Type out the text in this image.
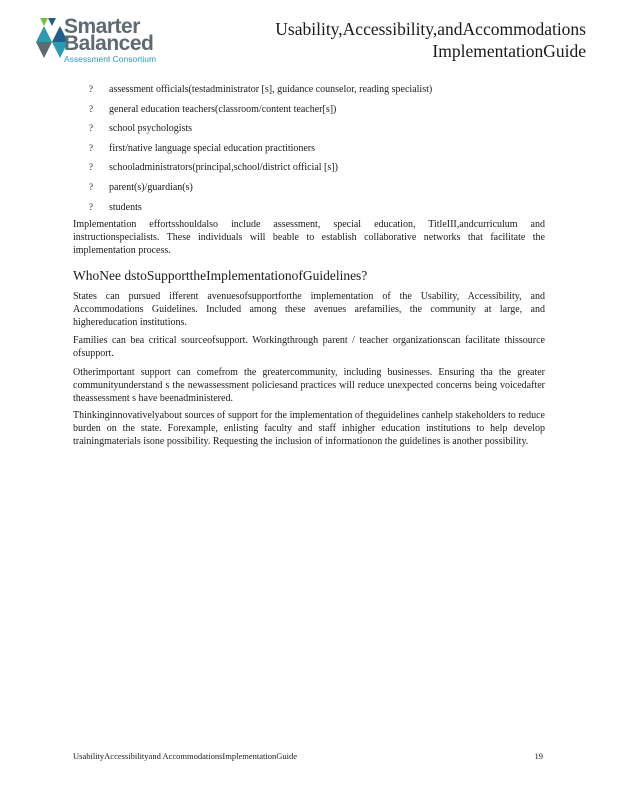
Smarter
Balanced
Assessment Consortium
Usability,Accessibility,andAccommodations
ImplementationGuide
? assessment officials(testadministrator [s], guidance counselor, reading specialist)
? general education teachers(classroom/content teacher[s])
? school psychologists
? first/native language special education practitioners
? schooladministrators(principal,school/district official [s])
? parent(s)/guardian(s)
? students

Implementation effortsshouldalso include assessment, special education, TitleIII,andcurriculum and instructionspecialists. These individuals will beable to establish collaborative networks that facilitate the implementation process.

WhoNee dstoSupporttheImplementationofGuidelines?

States can pursued ifferent avenuesofsupportforthe implementation of the Usability, Accessibility, and Accommodations Guidelines. Included among these avenues arefamilies, the community at large, and highereducation institutions.

Families can bea critical sourceofsupport. Workingthrough parent / teacher organizationscan facilitate thissource ofsupport.

Otherimportant support can comefrom the greatercommunity, including businesses. Ensuring tha the greater communityunderstand s the newassessment policiesand practices will reduce unexpected concerns being voicedafter theassessment s have beenadministered.

Thinkinginnovativelyabout sources of support for the implementation of theguidelines canhelp stakeholders to reduce burden on the state. Forexample, enlisting faculty and staff inhigher education institutions to help develop trainingmaterials isone possibility. Requesting the inclusion of informationon the guidelines is another possibility.

UsabilityAccessibilityand AccommodationsImplementationGuide	19
